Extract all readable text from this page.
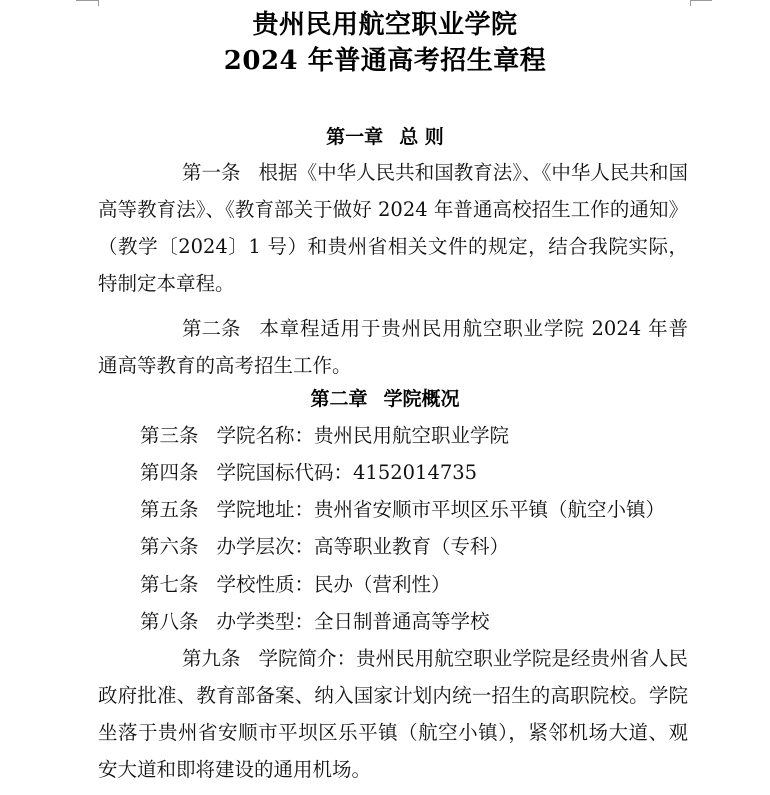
贵州民用航空职业学院
2024 年普通高考招生章程
第一章 总 则

第一条 根据《中华人民共和国教育法》、《中华人民共和国高等教育法》、《教育部关于做好 2024 年普通高校招生工作的通知》（教学〔2024〕1 号）和贵州省相关文件的规定，结合我院实际，特制定本章程。

第二条 本章程适用于贵州民用航空职业学院 2024 年普通高等教育的高考招生工作。

第二章 学院概况

第三条 学院名称：贵州民用航空职业学院

第四条 学院国标代码：4152014735

第五条 学院地址：贵州省安顺市平坝区乐平镇（航空小镇）

第六条 办学层次：高等职业教育（专科）

第七条 学校性质：民办（营利性）

第八条 办学类型：全日制普通高等学校

第九条 学院简介：贵州民用航空职业学院是经贵州省人民政府批准、教育部备案、纳入国家计划内统一招生的高职院校。学院坐落于贵州省安顺市平坝区乐平镇（航空小镇），紧邻机场大道、观安大道和即将建设的通用机场。
